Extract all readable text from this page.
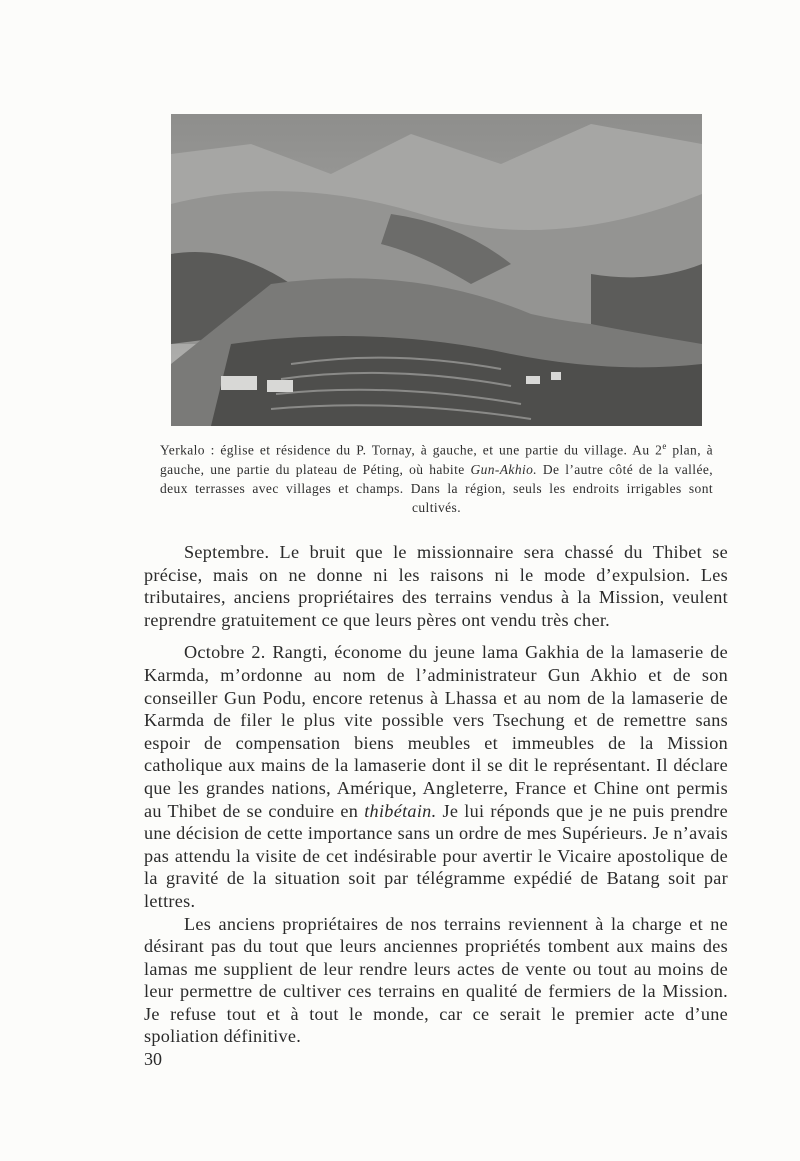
Yerkalo : église et résidence du P. Tornay, à gauche, et une partie du village. Au 2e plan, à gauche, une partie du plateau de Péting, où habite Gun-Akhio. De l’autre côté de la vallée, deux terrasses avec villages et champs. Dans la région, seuls les endroits irrigables sont cultivés.

Septembre. Le bruit que le missionnaire sera chassé du Thibet se précise, mais on ne donne ni les raisons ni le mode d’expulsion. Les tributaires, anciens propriétaires des terrains vendus à la Mission, veulent reprendre gratuitement ce que leurs pères ont vendu très cher.

Octobre 2. Rangti, économe du jeune lama Gakhia de la lamaserie de Karmda, m’ordonne au nom de l’administrateur Gun Akhio et de son conseiller Gun Podu, encore retenus à Lhassa et au nom de la lamaserie de Karmda de filer le plus vite possible vers Tsechung et de remettre sans espoir de compensation biens meubles et immeubles de la Mission catholique aux mains de la lamaserie dont il se dit le représentant. Il déclare que les grandes nations, Amérique, Angleterre, France et Chine ont permis au Thibet de se conduire en thibétain. Je lui réponds que je ne puis prendre une décision de cette importance sans un ordre de mes Supérieurs. Je n’avais pas attendu la visite de cet indésirable pour avertir le Vicaire apostolique de la gravité de la situation soit par télégramme expédié de Batang soit par lettres.

Les anciens propriétaires de nos terrains reviennent à la charge et ne désirant pas du tout que leurs anciennes propriétés tombent aux mains des lamas me supplient de leur rendre leurs actes de vente ou tout au moins de leur permettre de cultiver ces terrains en qualité de fermiers de la Mission. Je refuse tout et à tout le monde, car ce serait le premier acte d’une spoliation définitive.

30
